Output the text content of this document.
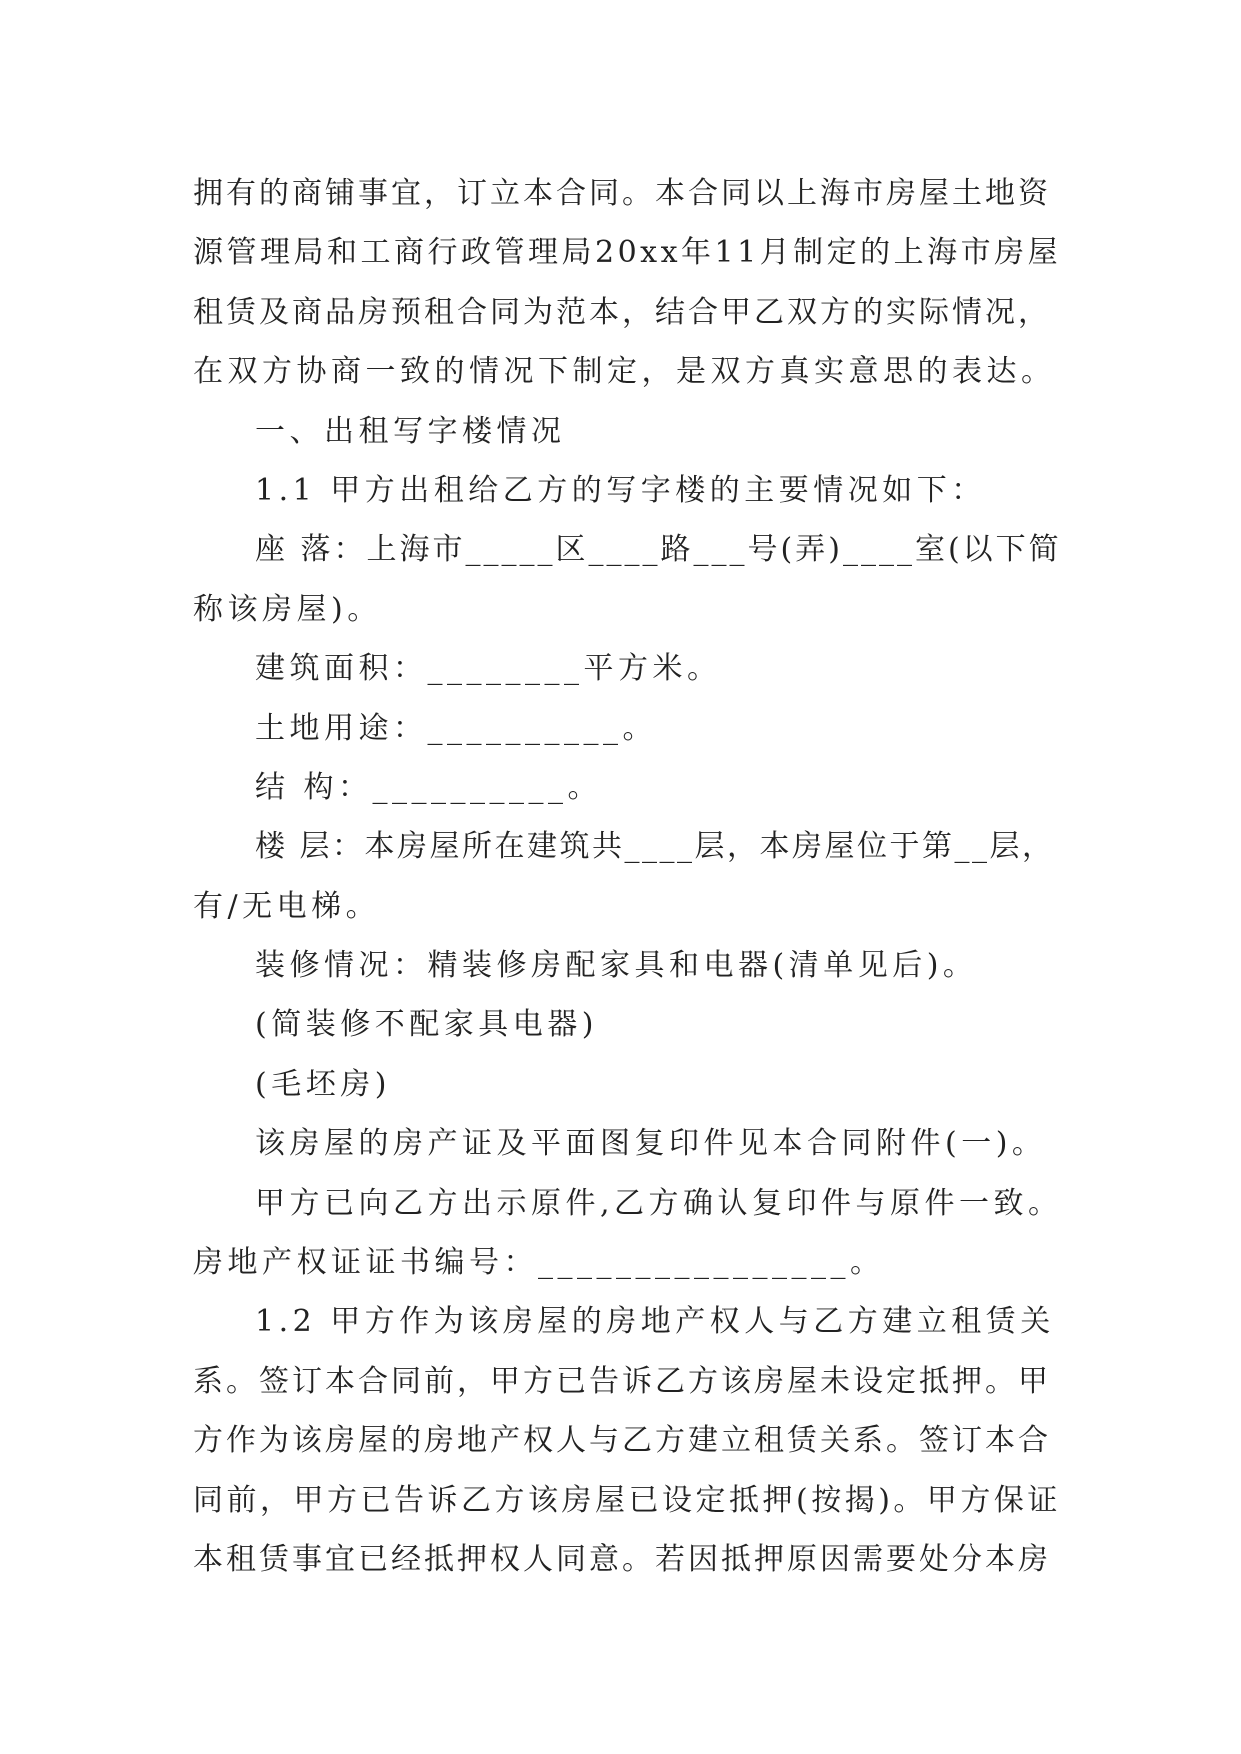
拥有的商铺事宜，订立本合同。本合同以上海市房屋土地资
源管理局和工商行政管理局20xx年11月制定的上海市房屋
租赁及商品房预租合同为范本，结合甲乙双方的实际情况，
在双方协商一致的情况下制定，是双方真实意思的表达。
一、出租写字楼情况
1.1 甲方出租给乙方的写字楼的主要情况如下：
座 落：上海市_____区____路___号(弄)____室(以下简
称该房屋)。
建筑面积：________平方米。
土地用途：__________。
结 构：__________。
楼 层：本房屋所在建筑共____层，本房屋位于第__层，
有/无电梯。
装修情况：精装修房配家具和电器(清单见后)。
(简装修不配家具电器)
(毛坯房)
该房屋的房产证及平面图复印件见本合同附件(一)。
甲方已向乙方出示原件,乙方确认复印件与原件一致。
房地产权证证书编号：________________。
1.2 甲方作为该房屋的房地产权人与乙方建立租赁关
系。签订本合同前，甲方已告诉乙方该房屋未设定抵押。甲
方作为该房屋的房地产权人与乙方建立租赁关系。签订本合
同前，甲方已告诉乙方该房屋已设定抵押(按揭)。甲方保证
本租赁事宜已经抵押权人同意。若因抵押原因需要处分本房
